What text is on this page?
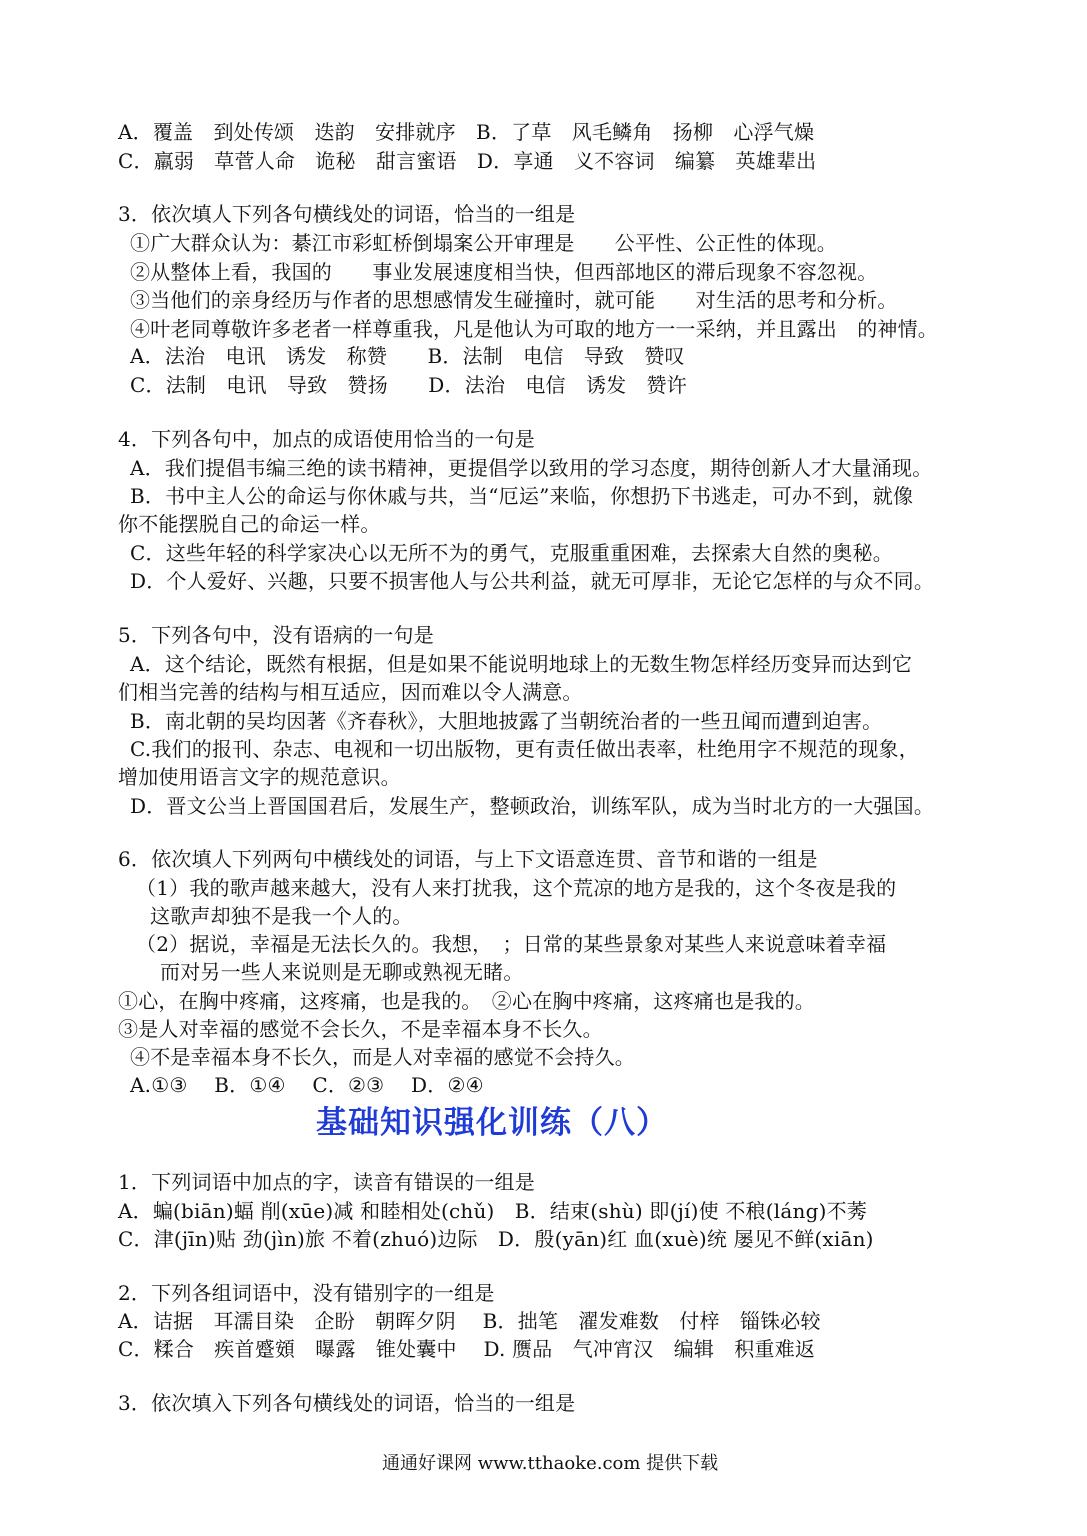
A．覆盖　到处传颂　迭韵　安排就序　B．了草　风毛鳞角　扬柳　心浮气燥
C．羸弱　草菅人命　诡秘　甜言蜜语　D．享通　义不容词　编纂　英雄辈出
3．依次填人下列各句横线处的词语，恰当的一组是
①广大群众认为：綦江市彩虹桥倒塌案公开审理是　　公平性、公正性的体现。
②从整体上看，我国的　　事业发展速度相当快，但西部地区的滞后现象不容忽视。
③当他们的亲身经历与作者的思想感情发生碰撞时，就可能　　对生活的思考和分析。
④叶老同尊敬许多老者一样尊重我，凡是他认为可取的地方一一采纳，并且露出　的神情。
A．法治　电讯　诱发　称赞　　B．法制　电信　导致　赞叹
C．法制　电讯　导致　赞扬　　D．法治　电信　诱发　赞许
4．下列各句中，加点的成语使用恰当的一句是
A．我们提倡韦编三绝的读书精神，更提倡学以致用的学习态度，期待创新人才大量涌现。
B．书中主人公的命运与你休戚与共，当“厄运”来临，你想扔下书逃走，可办不到，就像
你不能摆脱自己的命运一样。
C．这些年轻的科学家决心以无所不为的勇气，克服重重困难，去探索大自然的奥秘。
D．个人爱好、兴趣，只要不损害他人与公共利益，就无可厚非，无论它怎样的与众不同。
5．下列各句中，没有语病的一句是
A．这个结论，既然有根据，但是如果不能说明地球上的无数生物怎样经历变异而达到它
们相当完善的结构与相互适应，因而难以令人满意。
B．南北朝的吴均因著《齐春秋》，大胆地披露了当朝统治者的一些丑闻而遭到迫害。
C.我们的报刊、杂志、电视和一切出版物，更有责任做出表率，杜绝用字不规范的现象，
增加使用语言文字的规范意识。
D．晋文公当上晋国国君后，发展生产，整顿政治，训练军队，成为当时北方的一大强国。
6．依次填人下列两句中横线处的词语，与上下文语意连贯、音节和谐的一组是
（1）我的歌声越来越大，没有人来打扰我，这个荒凉的地方是我的，这个冬夜是我的
这歌声却独不是我一个人的。
（2）据说，幸福是无法长久的。我想，　；日常的某些景象对某些人来说意味着幸福
而对另一些人来说则是无聊或熟视无睹。
①心，在胸中疼痛，这疼痛，也是我的。　②心在胸中疼痛，这疼痛也是我的。
③是人对幸福的感觉不会长久，不是幸福本身不长久。
④不是幸福本身不长久，而是人对幸福的感觉不会持久。
A.①③　 B．①④　 C．②③　 D．②④
基础知识强化训练（八）
1．下列词语中加点的字，读音有错误的一组是
A．蝙(biān)蝠 削(xūe)减 和睦相处(chǔ)　B．结束(shù) 即(jí)使 不稂(láng)不莠
C．津(jīn)贴 劲(jìn)旅 不着(zhuó)边际　D．殷(yān)红 血(xuè)统 屡见不鲜(xiān)
2．下列各组词语中，没有错别字的一组是
A．诘据　耳濡目染　企盼　朝晖夕阴　 B．拙笔　濯发难数　付梓　锱铢必较
C．糅合　疾首蹙頞　曝露　锥处囊中　 D. 赝品　气冲宵汉　编辑　积重难返
3．依次填入下列各句横线处的词语，恰当的一组是
通通好课网 www.tthaoke.com 提供下载
